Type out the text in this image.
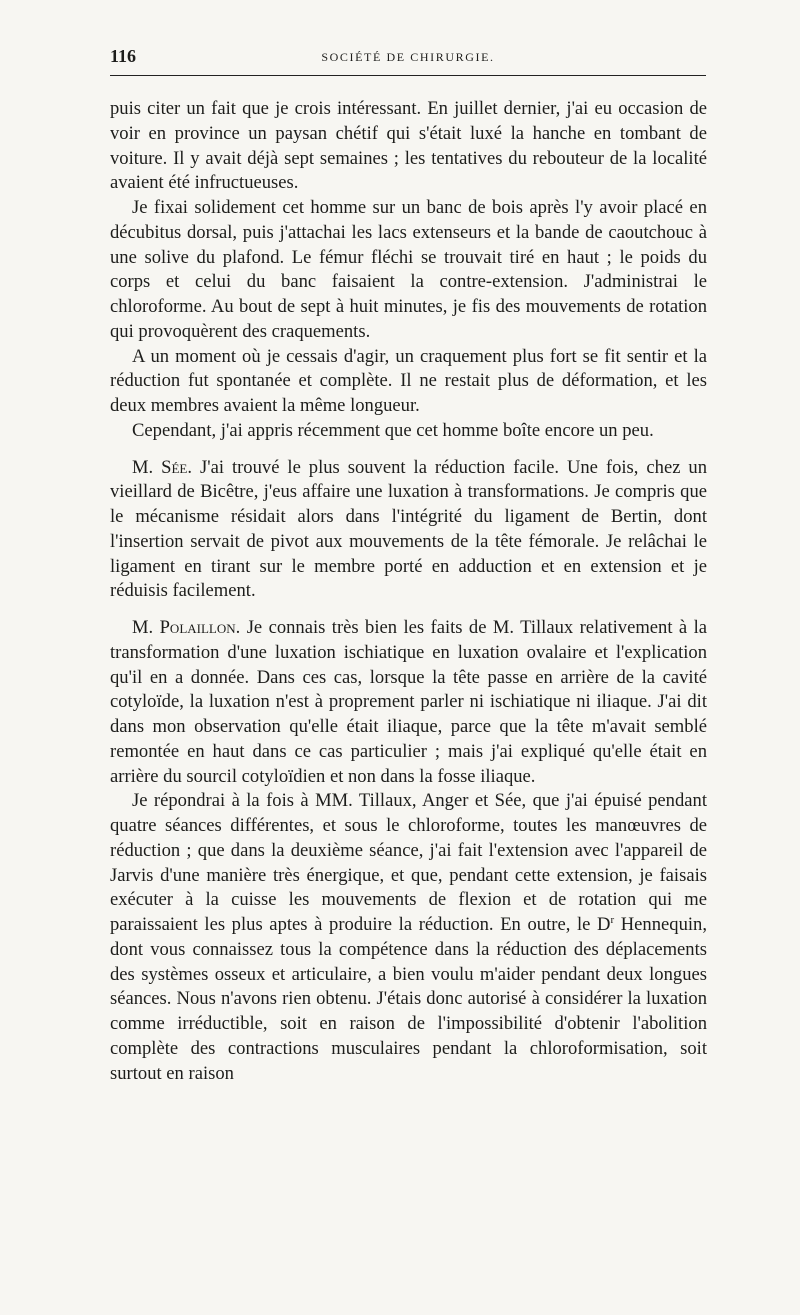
116	SOCIÉTÉ DE CHIRURGIE.

puis citer un fait que je crois intéressant. En juillet dernier, j'ai eu occasion de voir en province un paysan chétif qui s'était luxé la hanche en tombant de voiture. Il y avait déjà sept semaines ; les tentatives du rebouteur de la localité avaient été infructueuses.

Je fixai solidement cet homme sur un banc de bois après l'y avoir placé en décubitus dorsal, puis j'attachai les lacs extenseurs et la bande de caoutchouc à une solive du plafond. Le fémur fléchi se trouvait tiré en haut ; le poids du corps et celui du banc faisaient la contre-extension. J'administrai le chloroforme. Au bout de sept à huit minutes, je fis des mouvements de rotation qui provoquèrent des craquements.

A un moment où je cessais d'agir, un craquement plus fort se fit sentir et la réduction fut spontanée et complète. Il ne restait plus de déformation, et les deux membres avaient la même longueur.

Cependant, j'ai appris récemment que cet homme boîte encore un peu.

M. Sée. J'ai trouvé le plus souvent la réduction facile. Une fois, chez un vieillard de Bicêtre, j'eus affaire une luxation à transformations. Je compris que le mécanisme résidait alors dans l'intégrité du ligament de Bertin, dont l'insertion servait de pivot aux mouvements de la tête fémorale. Je relâchai le ligament en tirant sur le membre porté en adduction et en extension et je réduisis facilement.

M. Polaillon. Je connais très bien les faits de M. Tillaux relativement à la transformation d'une luxation ischiatique en luxation ovalaire et l'explication qu'il en a donnée. Dans ces cas, lorsque la tête passe en arrière de la cavité cotyloïde, la luxation n'est à proprement parler ni ischiatique ni iliaque. J'ai dit dans mon observation qu'elle était iliaque, parce que la tête m'avait semblé remontée en haut dans ce cas particulier ; mais j'ai expliqué qu'elle était en arrière du sourcil cotyloïdien et non dans la fosse iliaque.

Je répondrai à la fois à MM. Tillaux, Anger et Sée, que j'ai épuisé pendant quatre séances différentes, et sous le chloroforme, toutes les manœuvres de réduction ; que dans la deuxième séance, j'ai fait l'extension avec l'appareil de Jarvis d'une manière très énergique, et que, pendant cette extension, je faisais exécuter à la cuisse les mouvements de flexion et de rotation qui me paraissaient les plus aptes à produire la réduction. En outre, le $D^r$ Hennequin, dont vous connaissez tous la compétence dans la réduction des déplacements des systèmes osseux et articulaire, a bien voulu m'aider pendant deux longues séances. Nous n'avons rien obtenu. J'étais donc autorisé à considérer la luxation comme irréductible, soit en raison de l'impossibilité d'obtenir l'abolition complète des contractions musculaires pendant la chloroformisation, soit surtout en raison
